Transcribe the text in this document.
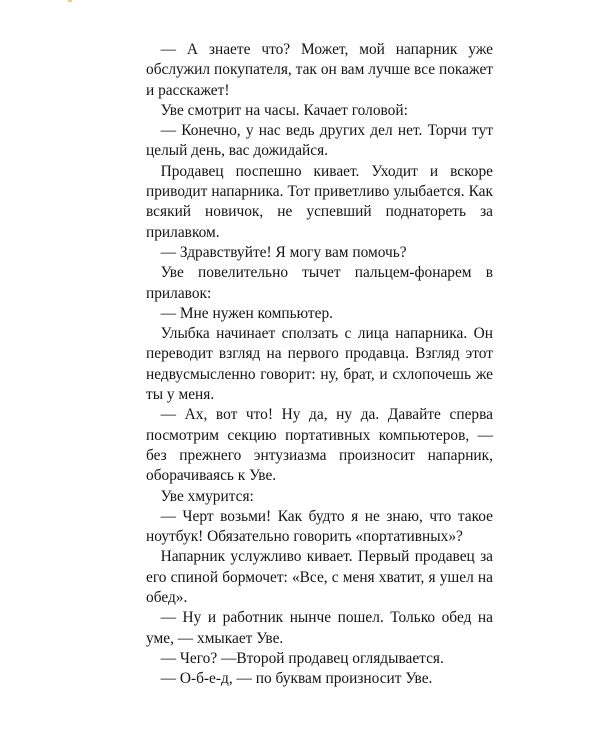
— А знаете что? Может, мой напарник уже обслужил покупателя, так он вам лучше все покажет и расскажет!

Уве смотрит на часы. Качает головой:

— Конечно, у нас ведь других дел нет. Торчи тут целый день, вас дожидайся.

Продавец поспешно кивает. Уходит и вскоре приводит напарника. Тот приветливо улыбается. Как всякий новичок, не успевший поднатореть за прилавком.

— Здравствуйте! Я могу вам помочь?

Уве повелительно тычет пальцем-фонарем в прилавок:

— Мне нужен компьютер.

Улыбка начинает сползать с лица напарника. Он переводит взгляд на первого продавца. Взгляд этот недвусмысленно говорит: ну, брат, и схлопочешь же ты у меня.

— Ах, вот что! Ну да, ну да. Давайте сперва посмотрим секцию портативных компьютеров, — без прежнего энтузиазма произносит напарник, оборачиваясь к Уве.

Уве хмурится:

— Черт возьми! Как будто я не знаю, что такое ноутбук! Обязательно говорить «портативных»?

Напарник услужливо кивает. Первый продавец за его спиной бормочет: «Все, с меня хватит, я ушел на обед».

— Ну и работник нынче пошел. Только обед на уме, — хмыкает Уве.

— Чего? —Второй продавец оглядывается.

— О-б-е-д, — по буквам произносит Уве.
